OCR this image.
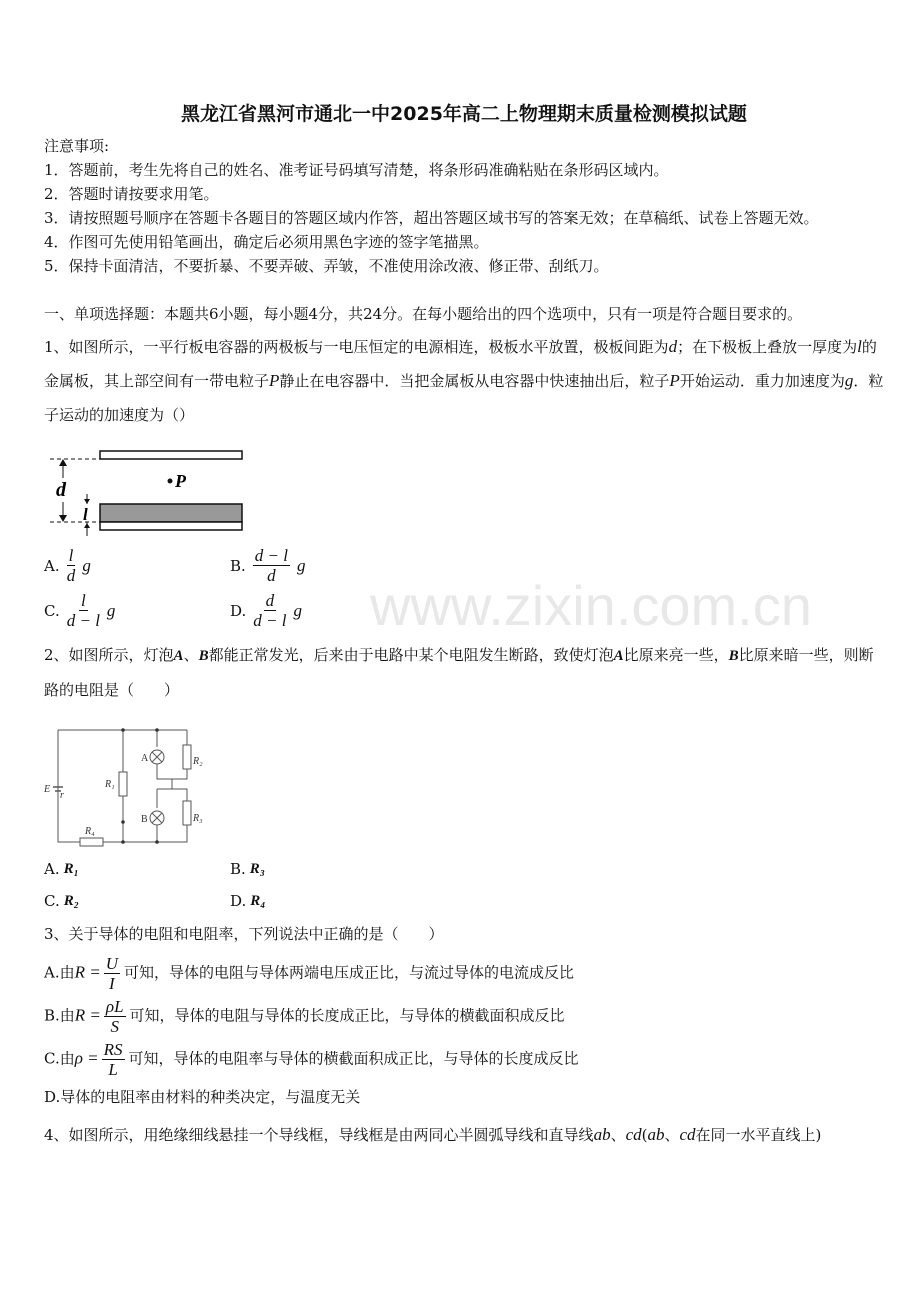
黑龙江省黑河市通北一中2025年高二上物理期末质量检测模拟试题
注意事项:
1．答题前，考生先将自己的姓名、准考证号码填写清楚，将条形码准确粘贴在条形码区域内。
2．答题时请按要求用笔。
3．请按照题号顺序在答题卡各题目的答题区域内作答，超出答题区域书写的答案无效；在草稿纸、试卷上答题无效。
4．作图可先使用铅笔画出，确定后必须用黑色字迹的签字笔描黑。
5．保持卡面清洁，不要折暴、不要弄破、弄皱，不准使用涂改液、修正带、刮纸刀。
一、单项选择题：本题共6小题，每小题4分，共24分。在每小题给出的四个选项中，只有一项是符合题目要求的。
1、如图所示，一平行板电容器的两极板与一电压恒定的电源相连，极板水平放置，极板间距为d；在下极板上叠放一厚度为l的金属板，其上部空间有一带电粒子P静止在电容器中．当把金属板从电容器中快速抽出后，粒子P开始运动．重力加速度为g．粒子运动的加速度为（）
d
l
P
www.zixin.com.cn
A.
l
d
g	B.
d − l
d
g
C.
l
d − l
g	D.
d
d − l
g
2、如图所示，灯泡A、B都能正常发光，后来由于电路中某个电阻发生断路，致使灯泡A比原来亮一些，B比原来暗一些，则断路的电阻是（　　）
E
r
R₁
R₂
R₃
R₄
A
B
A. R₁	B. R₃
C. R₂	D. R₄
3、关于导体的电阻和电阻率，下列说法中正确的是（　　）
A.由$R = \frac{U}{I}$ 可知，导体的电阻与导体两端电压成正比，与流过导体的电流成反比
B.由$R = \frac{\rho L}{S}$ 可知，导体的电阻与导体的长度成正比，与导体的横截面积成反比
C.由$\rho = \frac{RS}{L}$ 可知，导体的电阻率与导体的横截面积成正比，与导体的长度成反比
D.导体的电阻率由材料的种类决定，与温度无关
4、如图所示，用绝缘细线悬挂一个导线框，导线框是由两同心半圆弧导线和直导线ab、cd(ab、cd在同一水平直线上)
